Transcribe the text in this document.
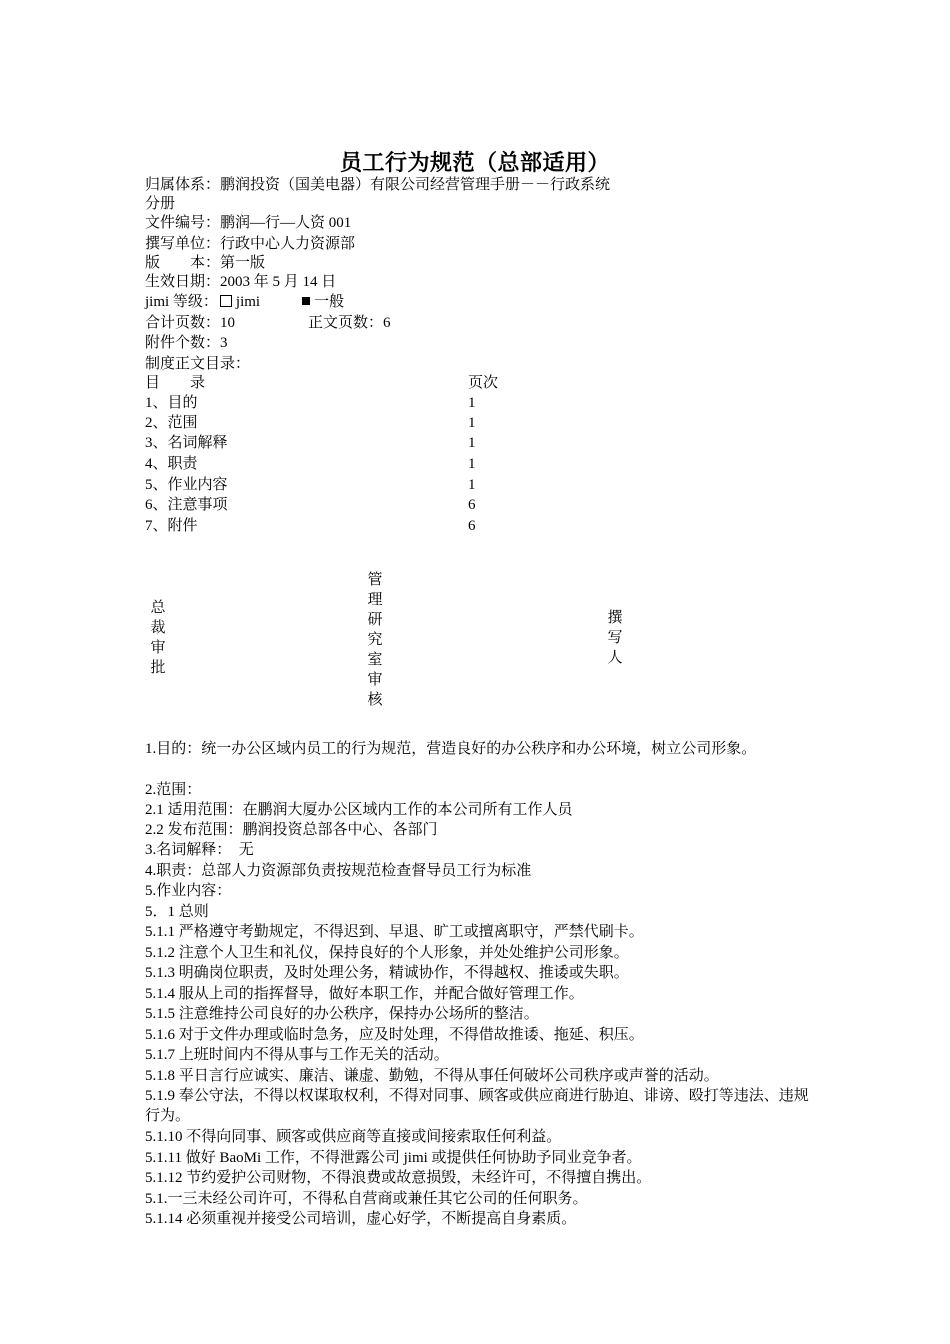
员工行为规范（总部适用）
归属体系：鹏润投资（国美电器）有限公司经营管理手册－－行政系统
分册
文件编号：鹏润—行—人资 001
撰写单位：行政中心人力资源部
版　　本：第一版
生效日期：2003 年 5 月 14 日
jimi 等级： jimi	一般
合计页数：10	正文页数：6
附件个数：3
制度正文目录：
目　　录	页次
1、目的	1
2、范围	1
3、名词解释	1
4、职责	1
5、作业内容	1
6、注意事项	6
7、附件	6
总裁审批
管理研究室审核
撰写人
1.目的：统一办公区域内员工的行为规范，营造良好的办公秩序和办公环境，树立公司形象。
2.范围：
2.1 适用范围：在鹏润大厦办公区域内工作的本公司所有工作人员
2.2 发布范围：鹏润投资总部各中心、各部门
3.名词解释：　无
4.职责：总部人力资源部负责按规范检查督导员工行为标准
5.作业内容：
5．1 总则
5.1.1 严格遵守考勤规定，不得迟到、早退、旷工或擅离职守，严禁代刷卡。
5.1.2 注意个人卫生和礼仪，保持良好的个人形象，并处处维护公司形象。
5.1.3 明确岗位职责，及时处理公务，精诚协作，不得越权、推诿或失职。
5.1.4 服从上司的指挥督导，做好本职工作，并配合做好管理工作。
5.1.5 注意维持公司良好的办公秩序，保持办公场所的整洁。
5.1.6 对于文件办理或临时急务，应及时处理，不得借故推诿、拖延、积压。
5.1.7 上班时间内不得从事与工作无关的活动。
5.1.8 平日言行应诚实、廉洁、谦虚、勤勉，不得从事任何破坏公司秩序或声誉的活动。
5.1.9 奉公守法，不得以权谋取权利，不得对同事、顾客或供应商进行胁迫、诽谤、殴打等违法、违规行为。
5.1.10 不得向同事、顾客或供应商等直接或间接索取任何利益。
5.1.11 做好 BaoMi 工作，不得泄露公司 jimi 或提供任何协助予同业竞争者。
5.1.12 节约爱护公司财物，不得浪费或故意损毁，未经许可，不得擅自携出。
5.1.一三未经公司许可，不得私自营商或兼任其它公司的任何职务。
5.1.14 必须重视并接受公司培训，虚心好学，不断提高自身素质。
